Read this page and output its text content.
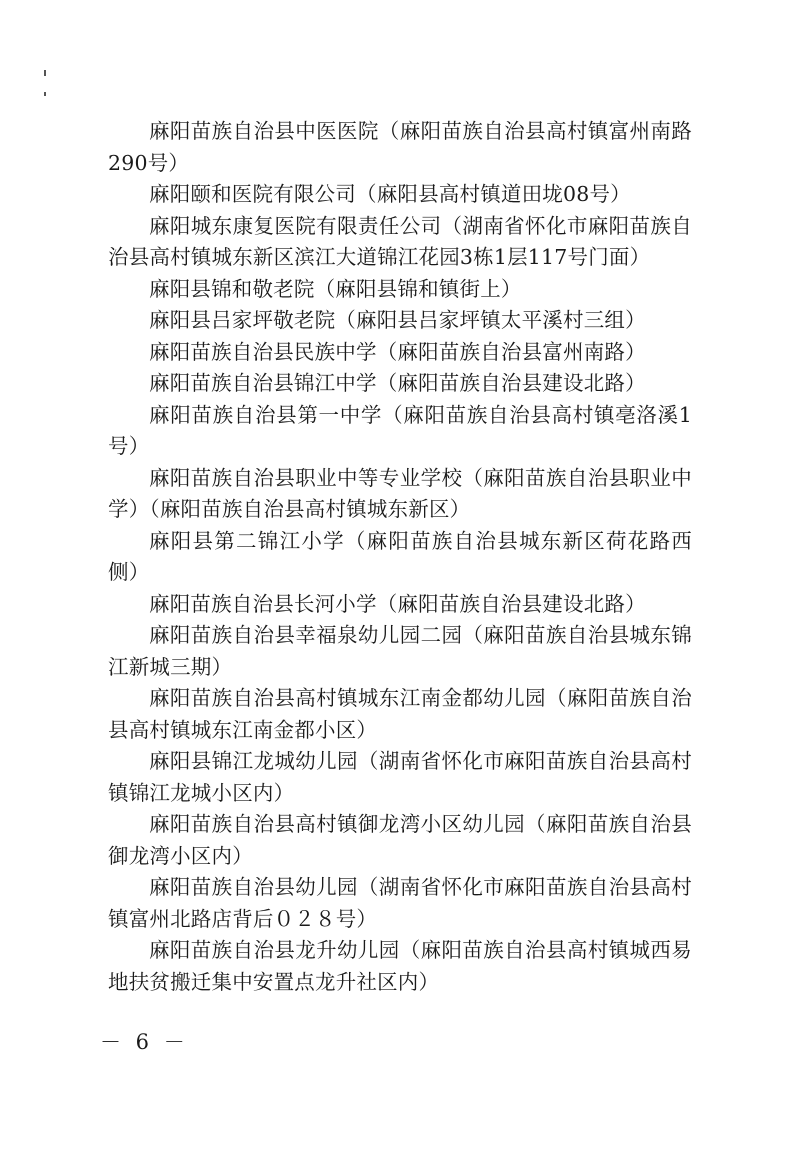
麻阳苗族自治县中医医院（麻阳苗族自治县高村镇富州南路290号）
麻阳颐和医院有限公司（麻阳县高村镇道田垅08号）
麻阳城东康复医院有限责任公司（湖南省怀化市麻阳苗族自治县高村镇城东新区滨江大道锦江花园3栋1层117号门面）
麻阳县锦和敬老院（麻阳县锦和镇街上）
麻阳县吕家坪敬老院（麻阳县吕家坪镇太平溪村三组）
麻阳苗族自治县民族中学（麻阳苗族自治县富州南路）
麻阳苗族自治县锦江中学（麻阳苗族自治县建设北路）
麻阳苗族自治县第一中学（麻阳苗族自治县高村镇亳洛溪1号）
麻阳苗族自治县职业中等专业学校（麻阳苗族自治县职业中学）（麻阳苗族自治县高村镇城东新区）
麻阳县第二锦江小学（麻阳苗族自治县城东新区荷花路西侧）
麻阳苗族自治县长河小学（麻阳苗族自治县建设北路）
麻阳苗族自治县幸福泉幼儿园二园（麻阳苗族自治县城东锦江新城三期）
麻阳苗族自治县高村镇城东江南金都幼儿园（麻阳苗族自治县高村镇城东江南金都小区）
麻阳县锦江龙城幼儿园（湖南省怀化市麻阳苗族自治县高村镇锦江龙城小区内）
麻阳苗族自治县高村镇御龙湾小区幼儿园（麻阳苗族自治县御龙湾小区内）
麻阳苗族自治县幼儿园（湖南省怀化市麻阳苗族自治县高村镇富州北路店背后０２８号）
麻阳苗族自治县龙升幼儿园（麻阳苗族自治县高村镇城西易地扶贫搬迁集中安置点龙升社区内）
－ 6 －
